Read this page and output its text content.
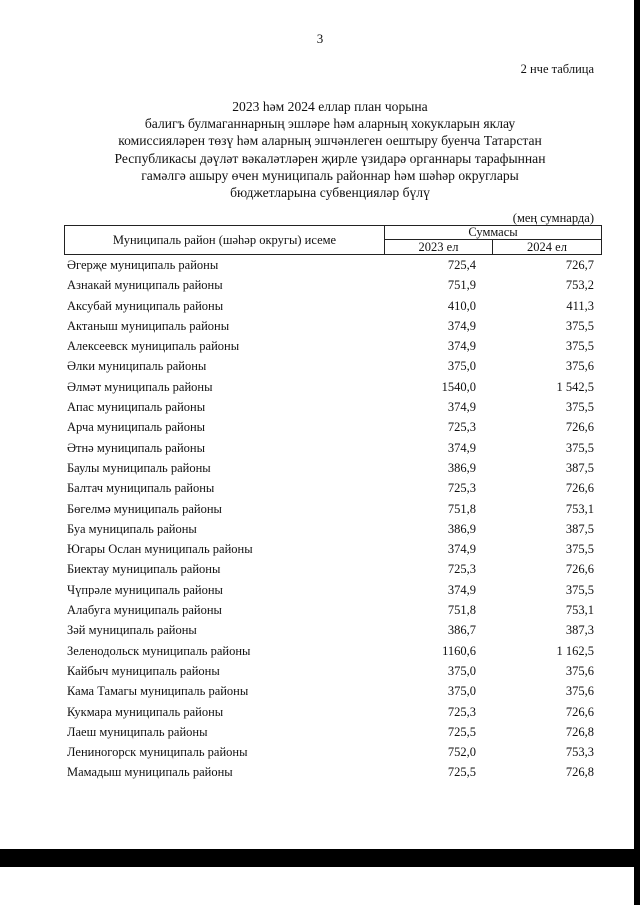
3
2 нче таблица
2023 һәм 2024 еллар план чорына
балигъ булмаганнарның эшләре һәм аларның хокукларын яклау
комиссияләрен төзү һәм аларның эшчәнлеген оештыру буенча Татарстан
Республикасы дәүләт вәкаләтләрен җирле үзидарә органнары тарафыннан
гамәлгә ашыру өчен муниципаль районнар һәм шәһәр округлары
бюджетларына субвенцияләр бүлү
(мең сумнарда)
Муниципаль район (шәһәр округы) исеме
Суммасы
2023 ел	2024 ел
Әгерҗе муниципаль районы	725,4	726,7
Азнакай муниципаль районы	751,9	753,2
Аксубай муниципаль районы	410,0	411,3
Актаныш муниципаль районы	374,9	375,5
Алексеевск муниципаль районы	374,9	375,5
Әлки муниципаль районы	375,0	375,6
Әлмәт муниципаль районы	1540,0	1 542,5
Апас муниципаль районы	374,9	375,5
Арча муниципаль районы	725,3	726,6
Әтнә муниципаль районы	374,9	375,5
Баулы муниципаль районы	386,9	387,5
Балтач муниципаль районы	725,3	726,6
Бөгелмә муниципаль районы	751,8	753,1
Буа муниципаль районы	386,9	387,5
Югары Ослан муниципаль районы	374,9	375,5
Биектау муниципаль районы	725,3	726,6
Чүпрәле муниципаль районы	374,9	375,5
Алабуга муниципаль районы	751,8	753,1
Зәй муниципаль районы	386,7	387,3
Зеленодольск муниципаль районы	1160,6	1 162,5
Кайбыч муниципаль районы	375,0	375,6
Кама Тамагы муниципаль районы	375,0	375,6
Кукмара муниципаль районы	725,3	726,6
Лаеш муниципаль районы	725,5	726,8
Лениногорск муниципаль районы	752,0	753,3
Мамадыш муниципаль районы	725,5	726,8
